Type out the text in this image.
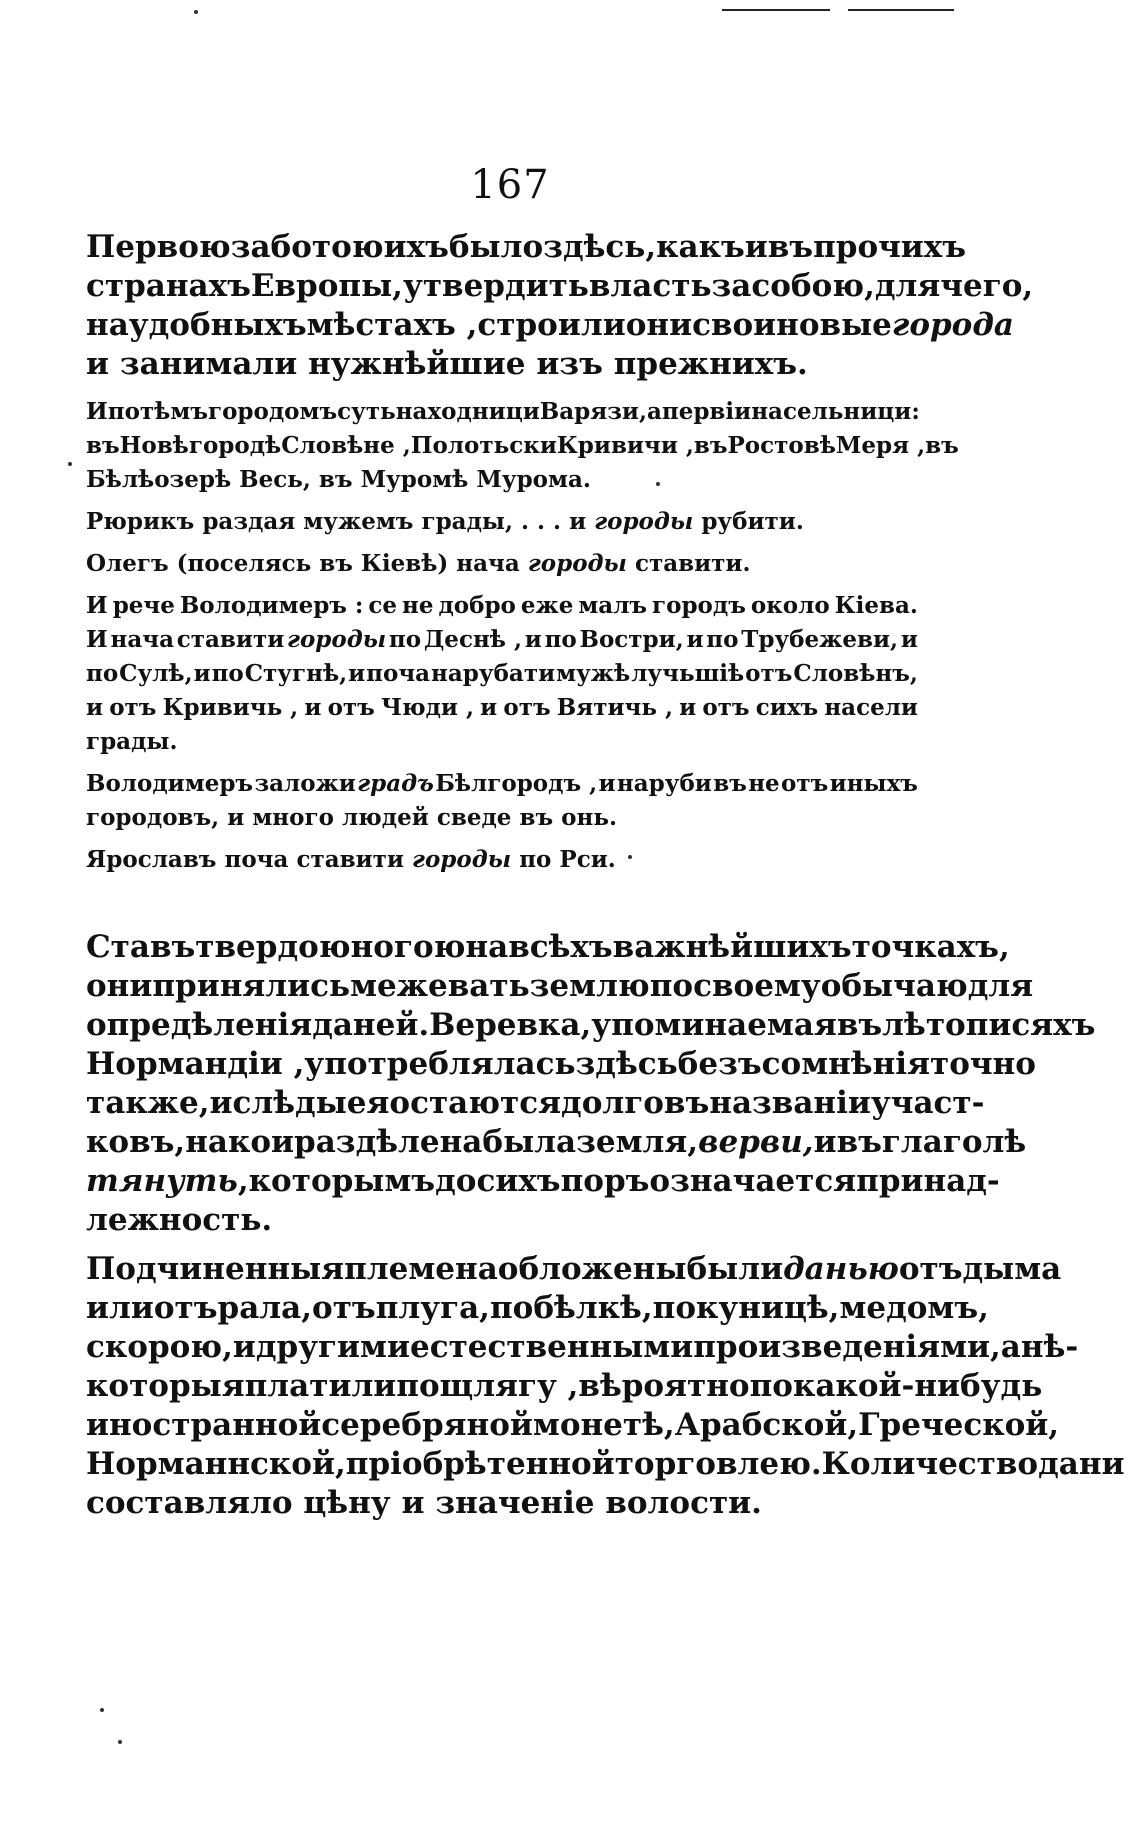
167
Первою заботою ихъ было здѣсь, какъ и въ прочихъ
странахъ Европы, утвердить власть за собою, для чего,
на удобныхъ мѣстахъ , строили они свои новые города
и занимали нужнѣйшие изъ прежнихъ.
И по тѣмъ городомъ суть находници Варязи, а первіи насельници:
въ Новѣгородѣ Словѣне , Полотьски Кривичи , въ Ростовѣ Меря , въ
Бѣлѣозерѣ Весь, въ Муромѣ Мурома.
Рюрикъ раздая мужемъ грады, . . . и городы рубити.
Олегъ (поселясь въ Кіевѣ) нача городы ставити.
И рече Володимеръ : се не добро еже малъ городъ около Кіева.
И нача ставити городы по Деснѣ , и по Востри, и по Трубежеви, и
по Сулѣ, и по Стугнѣ, и поча нарубати мужѣ лучьшіѣ отъ Словѣнъ,
и отъ Кривичь , и отъ Чюди , и отъ Вятичь , и отъ сихъ насели
грады.
Володимеръ заложи градъ Бѣлгородъ , и наруби въ не отъ иныхъ
городовъ, и много людей сведе въ онь.
Ярославъ поча ставити городы по Рси.
Ставъ твердою ногою на всѣхъ важнѣйшихъ точкахъ,
они принялись межевать землю по своему обычаю для
опредѣленія даней. Веревка, упоминаемая въ лѣтописяхъ
Нормандіи , употреблялась здѣсь безъ сомнѣнія точно
также, и слѣды ея остаются долго въ названіи участ-
ковъ, на кои раздѣлена была земля, верви, и въ глаголѣ
тянуть , которымъ до сихъ поръ означается принад-
лежность.
Подчиненныя племена обложены были данью отъ дыма
или отъ рала, отъ плуга, по бѣлкѣ, по куницѣ, медомъ,
скорою, и другими естественными произведеніями, а нѣ-
которыя платили по щлягу , вѣроятно по какой-нибудь
иностранной серебряной монетѣ, Арабской, Греческой,
Норманнской, пріобрѣтенной торговлею. Количество дани
составляло цѣну и значеніе волости.
